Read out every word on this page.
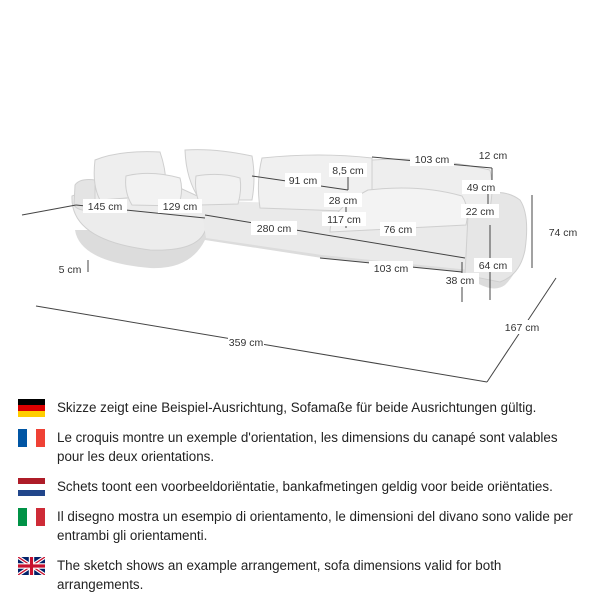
359 cm
167 cm
74 cm
145 cm	129 cm
280 cm
91 cm
8,5 cm
103 cm	12 cm
49 cm
22 cm
28 cm
117 cm
76 cm
103 cm	64 cm
38 cm
5 cm
Skizze zeigt eine Beispiel-Ausrichtung, Sofamaße für beide Ausrichtungen gültig.
Le croquis montre un exemple d'orientation, les dimensions du canapé sont valables pour les deux orientations.
Schets toont een voorbeeldoriëntatie, bankafmetingen geldig voor beide oriëntaties.
Il disegno mostra un esempio di orientamento, le dimensioni del divano sono valide per entrambi gli orientamenti.
The sketch shows an example arrangement, sofa dimensions valid for both arrangements.
